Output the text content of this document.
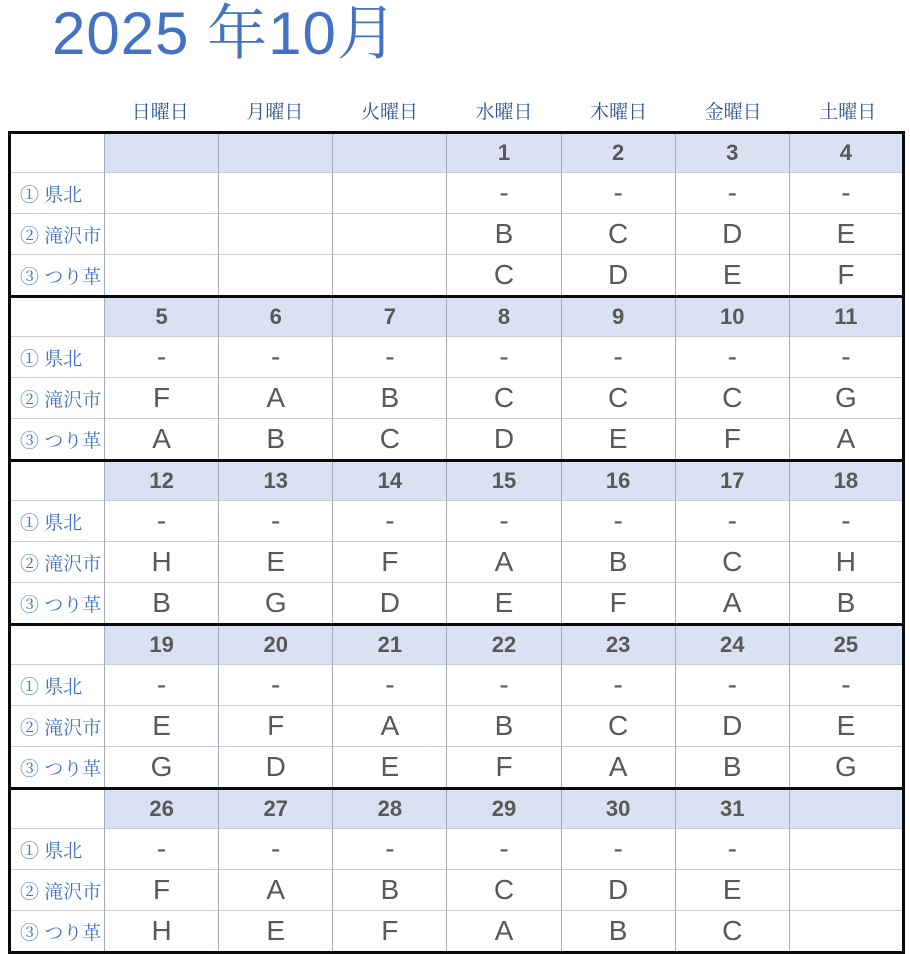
2025 年10月
日曜日	月曜日	火曜日	水曜日	木曜日	金曜日	土曜日
				1	2	3	4
① 県北				-	-	-	-
② 滝沢市				B	C	D	E
③ つり革				C	D	E	F
	5	6	7	8	9	10	11
① 県北	-	-	-	-	-	-	-
② 滝沢市	F	A	B	C	C	C	G
③ つり革	A	B	C	D	E	F	A
	12	13	14	15	16	17	18
① 県北	-	-	-	-	-	-	-
② 滝沢市	H	E	F	A	B	C	H
③ つり革	B	G	D	E	F	A	B
	19	20	21	22	23	24	25
① 県北	-	-	-	-	-	-	-
② 滝沢市	E	F	A	B	C	D	E
③ つり革	G	D	E	F	A	B	G
	26	27	28	29	30	31	
① 県北	-	-	-	-	-	-	
② 滝沢市	F	A	B	C	D	E	
③ つり革	H	E	F	A	B	C	
